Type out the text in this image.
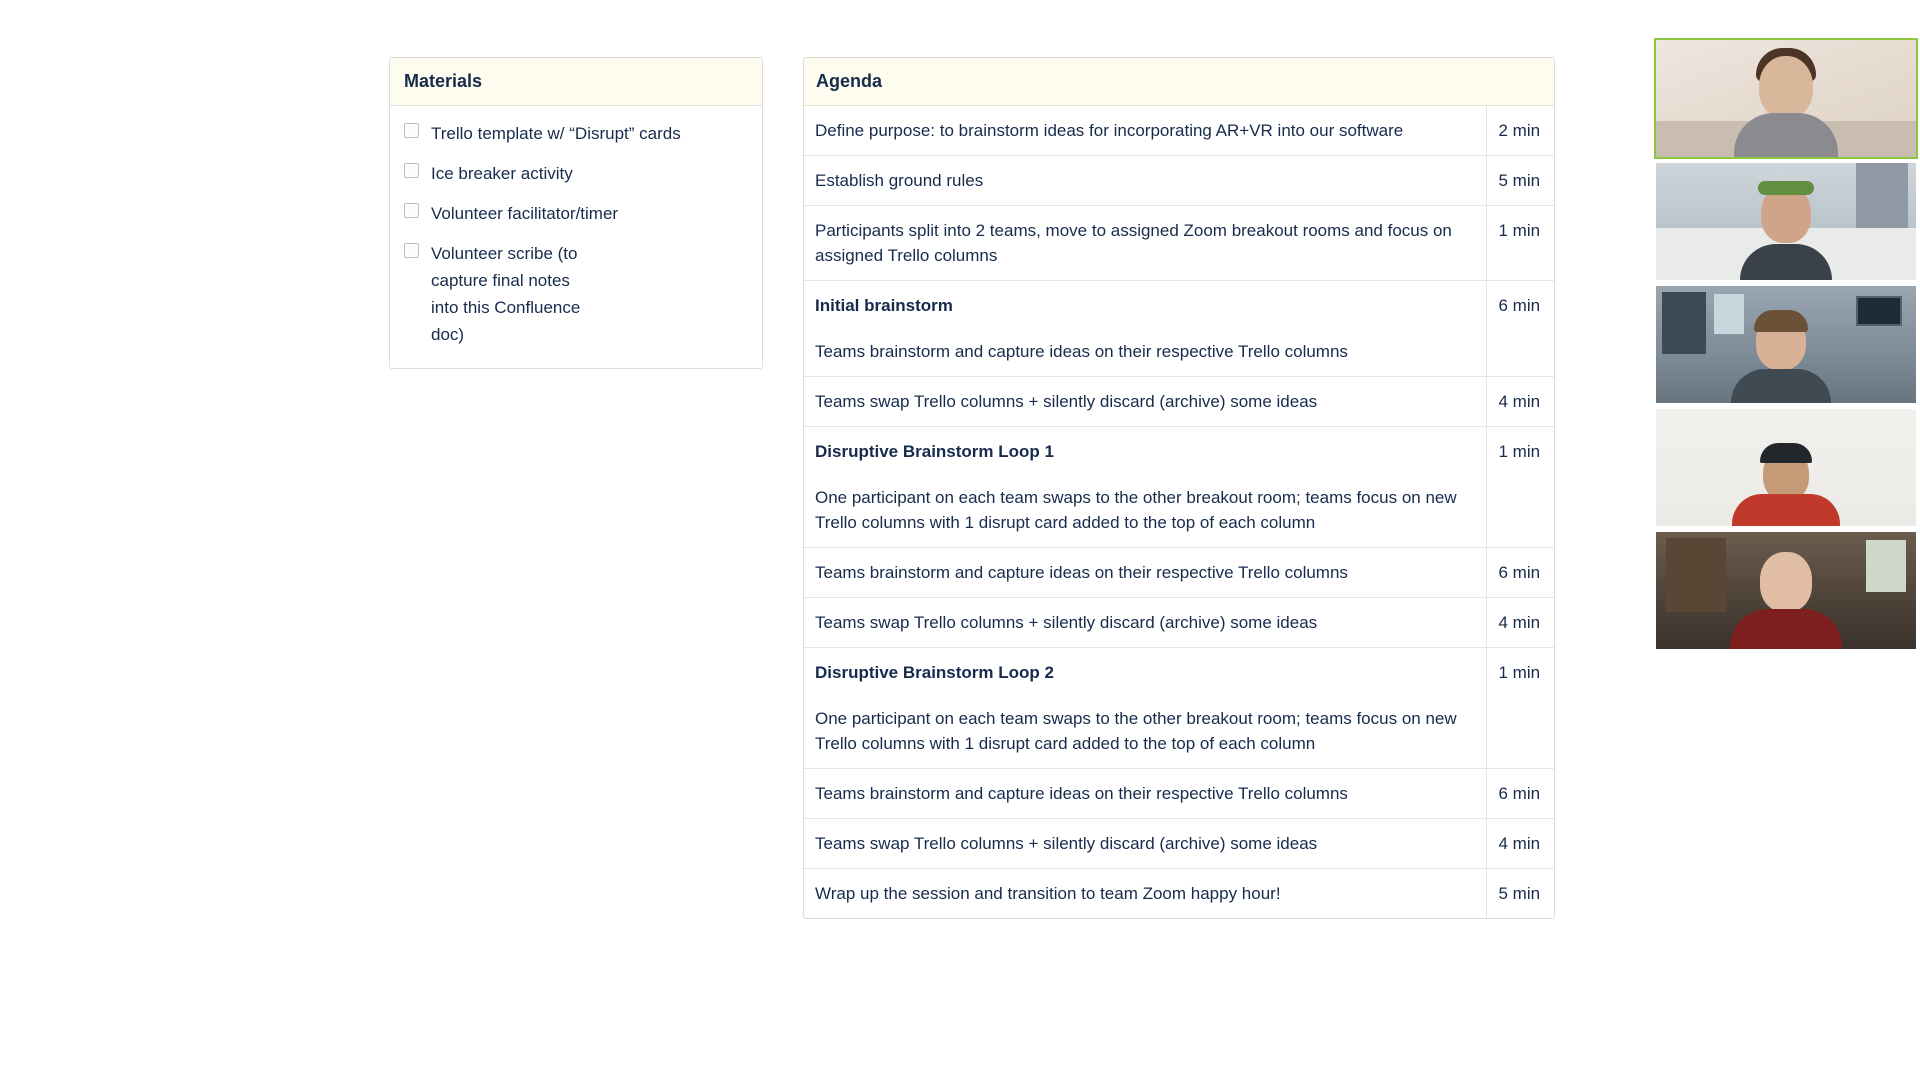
Materials
Trello template w/ “Disrupt” cards
Ice breaker activity
Volunteer facilitator/timer
Volunteer scribe (to capture final notes into this Confluence doc)
Agenda
Define purpose: to brainstorm ideas for incorporating AR+VR into our software	2 min
Establish ground rules	5 min
Participants split into 2 teams, move to assigned Zoom breakout rooms and focus on assigned Trello columns	1 min

Initial brainstorm
Teams brainstorm and capture ideas on their respective Trello columns	6 min
Teams swap Trello columns + silently discard (archive) some ideas	4 min

Disruptive Brainstorm Loop 1
One participant on each team swaps to the other breakout room; teams focus on new Trello columns with 1 disrupt card added to the top of each column	1 min
Teams brainstorm and capture ideas on their respective Trello columns	6 min
Teams swap Trello columns + silently discard (archive) some ideas	4 min

Disruptive Brainstorm Loop 2
One participant on each team swaps to the other breakout room; teams focus on new Trello columns with 1 disrupt card added to the top of each column	1 min
Teams brainstorm and capture ideas on their respective Trello columns	6 min
Teams swap Trello columns + silently discard (archive) some ideas	4 min
Wrap up the session and transition to team Zoom happy hour!	5 min
